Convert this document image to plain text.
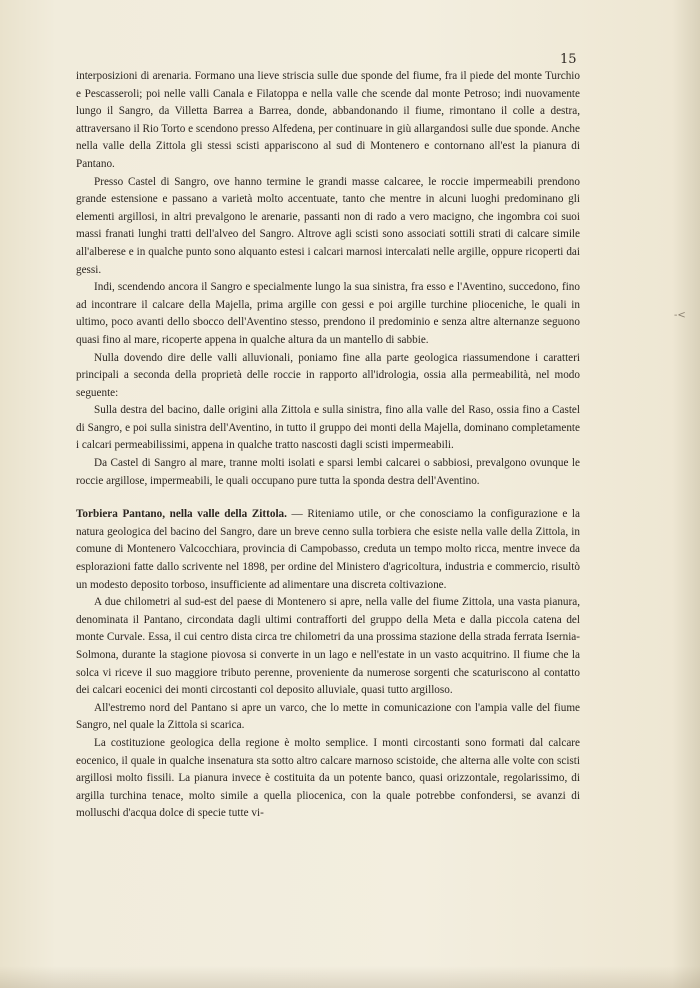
15

interposizioni di arenaria. Formano una lieve striscia sulle due sponde del fiume, fra il piede del monte Turchio e Pescasseroli; poi nelle valli Canala e Filatoppa e nella valle che scende dal monte Petroso; indi nuovamente lungo il Sangro, da Villetta Barrea a Barrea, donde, abbandonando il fiume, rimontano il colle a destra, attraversano il Rio Torto e scendono presso Alfedena, per continuare in giù allargandosi sulle due sponde. Anche nella valle della Zittola gli stessi scisti appariscono al sud di Montenero e contornano all'est la pianura di Pantano.

Presso Castel di Sangro, ove hanno termine le grandi masse calcaree, le roccie impermeabili prendono grande estensione e passano a varietà molto accentuate, tanto che mentre in alcuni luoghi predominano gli elementi argillosi, in altri prevalgono le arenarie, passanti non di rado a vero macigno, che ingombra coi suoi massi franati lunghi tratti dell'alveo del Sangro. Altrove agli scisti sono associati sottili strati di calcare simile all'alberese e in qualche punto sono alquanto estesi i calcari marnosi intercalati nelle argille, oppure ricoperti dai gessi.

Indi, scendendo ancora il Sangro e specialmente lungo la sua sinistra, fra esso e l'Aventino, succedono, fino ad incontrare il calcare della Majella, prima argille con gessi e poi argille turchine plioceniche, le quali in ultimo, poco avanti dello sbocco dell'Aventino stesso, prendono il predominio e senza altre alternanze seguono quasi fino al mare, ricoperte appena in qualche altura da un mantello di sabbie.

Nulla dovendo dire delle valli alluvionali, poniamo fine alla parte geologica riassumendone i caratteri principali a seconda della proprietà delle roccie in rapporto all'idrologia, ossia alla permeabilità, nel modo seguente:

Sulla destra del bacino, dalle origini alla Zittola e sulla sinistra, fino alla valle del Raso, ossia fino a Castel di Sangro, e poi sulla sinistra dell'Aventino, in tutto il gruppo dei monti della Majella, dominano completamente i calcari permeabilissimi, appena in qualche tratto nascosti dagli scisti impermeabili.

Da Castel di Sangro al mare, tranne molti isolati e sparsi lembi calcarei o sabbiosi, prevalgono ovunque le roccie argillose, impermeabili, le quali occupano pure tutta la sponda destra dell'Aventino.

Torbiera Pantano, nella valle della Zittola. — Riteniamo utile, or che conosciamo la configurazione e la natura geologica del bacino del Sangro, dare un breve cenno sulla torbiera che esiste nella valle della Zittola, in comune di Montenero Valcocchiara, provincia di Campobasso, creduta un tempo molto ricca, mentre invece da esplorazioni fatte dallo scrivente nel 1898, per ordine del Ministero d'agricoltura, industria e commercio, risultò un modesto deposito torboso, insufficiente ad alimentare una discreta coltivazione.

A due chilometri al sud-est del paese di Montenero si apre, nella valle del fiume Zittola, una vasta pianura, denominata il Pantano, circondata dagli ultimi contrafforti del gruppo della Meta e dalla piccola catena del monte Curvale. Essa, il cui centro dista circa tre chilometri da una prossima stazione della strada ferrata Isernia-Solmona, durante la stagione piovosa si converte in un lago e nell'estate in un vasto acquitrino. Il fiume che la solca vi riceve il suo maggiore tributo perenne, proveniente da numerose sorgenti che scaturiscono al contatto dei calcari eocenici dei monti circostanti col deposito alluviale, quasi tutto argilloso.

All'estremo nord del Pantano si apre un varco, che lo mette in comunicazione con l'ampia valle del fiume Sangro, nel quale la Zittola si scarica.

La costituzione geologica della regione è molto semplice. I monti circostanti sono formati dal calcare eocenico, il quale in qualche insenatura sta sotto altro calcare marnoso scistoide, che alterna alle volte con scisti argillosi molto fissili. La pianura invece è costituita da un potente banco, quasi orizzontale, regolarissimo, di argilla turchina tenace, molto simile a quella pliocenica, con la quale potrebbe confondersi, se avanzi di molluschi d'acqua dolce di specie tutte vi-

-<
